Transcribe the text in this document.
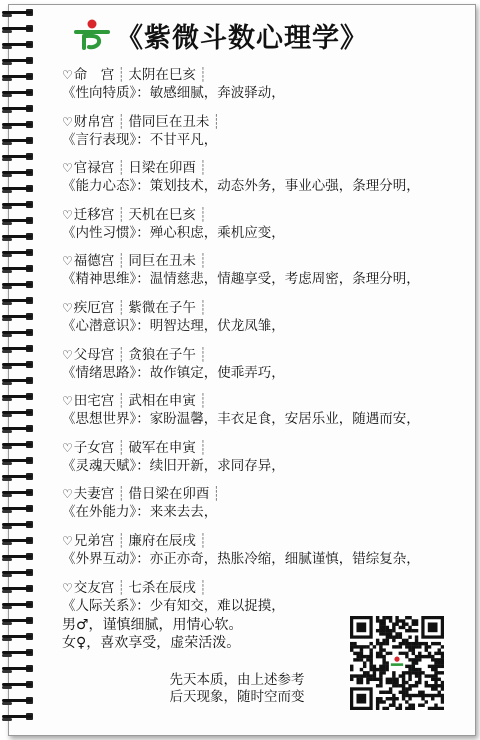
《紫微斗数心理学》
♡命　宫 ┊ 太阴在巳亥 ┊
《性向特质》：敏感细腻，奔波驿动，
♡财帛宫 ┊ 借同巨在丑未 ┊
《言行表现》：不甘平凡，
♡官禄宫 ┊ 日梁在卯酉 ┊
《能力心态》：策划技术，动态外务，事业心强，条理分明，
♡迁移宫 ┊ 天机在巳亥 ┊
《内性习惯》：殚心积虑，乘机应变，
♡福德宫 ┊ 同巨在丑未 ┊
《精神思维》：温情慈悲，情趣享受，考虑周密，条理分明，
♡疾厄宫 ┊ 紫微在子午 ┊
《心潜意识》：明智达理，伏龙凤雏，
♡父母宫 ┊ 贪狼在子午 ┊
《情绪思路》：故作镇定，使乖弄巧，
♡田宅宫 ┊ 武相在申寅 ┊
《思想世界》：家盼温馨，丰衣足食，安居乐业，随遇而安，
♡子女宫 ┊ 破军在申寅 ┊
《灵魂天赋》：续旧开新，求同存异，
♡夫妻宫 ┊ 借日梁在卯酉 ┊
《在外能力》：来来去去，
♡兄弟宫 ┊ 廉府在辰戌 ┊
《外界互动》：亦正亦奇，热胀冷缩，细腻谨慎，错综复杂，
♡交友宫 ┊ 七杀在辰戌 ┊
《人际关系》：少有知交，难以捉摸，
男♂，谨慎细腻，用情心软。
女♀，喜欢享受，虚荣活泼。
先天本质，由上述参考
后天现象，随时空而变
